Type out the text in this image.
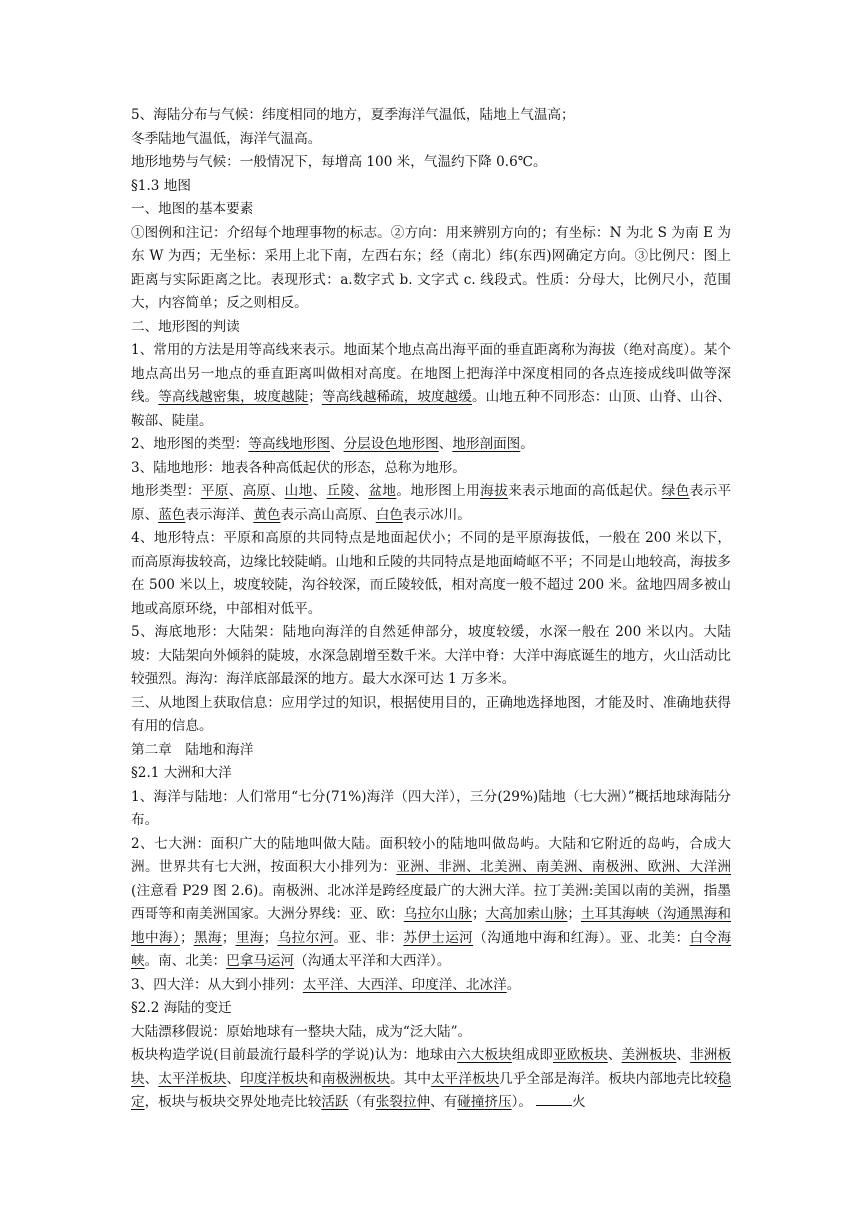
5、海陆分布与气候：纬度相同的地方，夏季海洋气温低，陆地上气温高；

冬季陆地气温低，海洋气温高。

地形地势与气候：一般情况下，每增高 100 米，气温约下降 0.6℃。

§1.3 地图

一、地图的基本要素

①图例和注记：介绍每个地理事物的标志。②方向：用来辨别方向的；有坐标：N 为北 S 为南 E 为东 W 为西；无坐标：采用上北下南，左西右东；经（南北）纬(东西)网确定方向。③比例尺：图上距离与实际距离之比。表现形式：a.数字式 b. 文字式 c. 线段式。性质：分母大，比例尺小，范围大，内容简单；反之则相反。

二、地形图的判读

1、常用的方法是用等高线来表示。地面某个地点高出海平面的垂直距离称为海拔（绝对高度）。某个地点高出另一地点的垂直距离叫做相对高度。在地图上把海洋中深度相同的各点连接成线叫做等深线。等高线越密集，坡度越陡；等高线越稀疏，坡度越缓。山地五种不同形态：山顶、山脊、山谷、鞍部、陡崖。

2、地形图的类型：等高线地形图、分层设色地形图、地形剖面图。

3、陆地地形：地表各种高低起伏的形态，总称为地形。

地形类型：平原、高原、山地、丘陵、盆地。地形图上用海拔来表示地面的高低起伏。绿色表示平原、蓝色表示海洋、黄色表示高山高原、白色表示冰川。

4、地形特点：平原和高原的共同特点是地面起伏小；不同的是平原海拔低，一般在 200 米以下，而高原海拔较高，边缘比较陡峭。山地和丘陵的共同特点是地面崎岖不平；不同是山地较高，海拔多在 500 米以上，坡度较陡，沟谷较深，而丘陵较低，相对高度一般不超过 200 米。盆地四周多被山地或高原环绕，中部相对低平。

5、海底地形：大陆架：陆地向海洋的自然延伸部分，坡度较缓，水深一般在 200 米以内。大陆坡：大陆架向外倾斜的陡坡，水深急剧增至数千米。大洋中脊：大洋中海底诞生的地方，火山活动比较强烈。海沟：海洋底部最深的地方。最大水深可达 1 万多米。

三、从地图上获取信息：应用学过的知识，根据使用目的，正确地选择地图，才能及时、准确地获得有用的信息。

第二章　陆地和海洋

§2.1 大洲和大洋

1、海洋与陆地：人们常用“七分(71%)海洋（四大洋），三分(29%)陆地（七大洲）”概括地球海陆分布。

2、七大洲：面积广大的陆地叫做大陆。面积较小的陆地叫做岛屿。大陆和它附近的岛屿，合成大洲。世界共有七大洲，按面积大小排列为：亚洲、非洲、北美洲、南美洲、南极洲、欧洲、大洋洲(注意看 P29 图 2.6)。南极洲、北冰洋是跨经度最广的大洲大洋。拉丁美洲:美国以南的美洲，指墨西哥等和南美洲国家。大洲分界线：亚、欧：乌拉尔山脉；大高加索山脉；土耳其海峡（沟通黑海和地中海）；黑海；里海；乌拉尔河。亚、非：苏伊士运河（沟通地中海和红海）。亚、北美：白令海峡。南、北美：巴拿马运河（沟通太平洋和大西洋）。

3、四大洋：从大到小排列：太平洋、大西洋、印度洋、北冰洋。

§2.2 海陆的变迁

大陆漂移假说：原始地球有一整块大陆，成为“泛大陆”。

板块构造学说(目前最流行最科学的学说)认为：地球由六大板块组成即亚欧板块、美洲板块、非洲板块、太平洋板块、印度洋板块和南极洲板块。其中太平洋板块几乎全部是海洋。板块内部地壳比较稳定，板块与板块交界处地壳比较活跃（有张裂拉伸、有碰撞挤压）。	火
